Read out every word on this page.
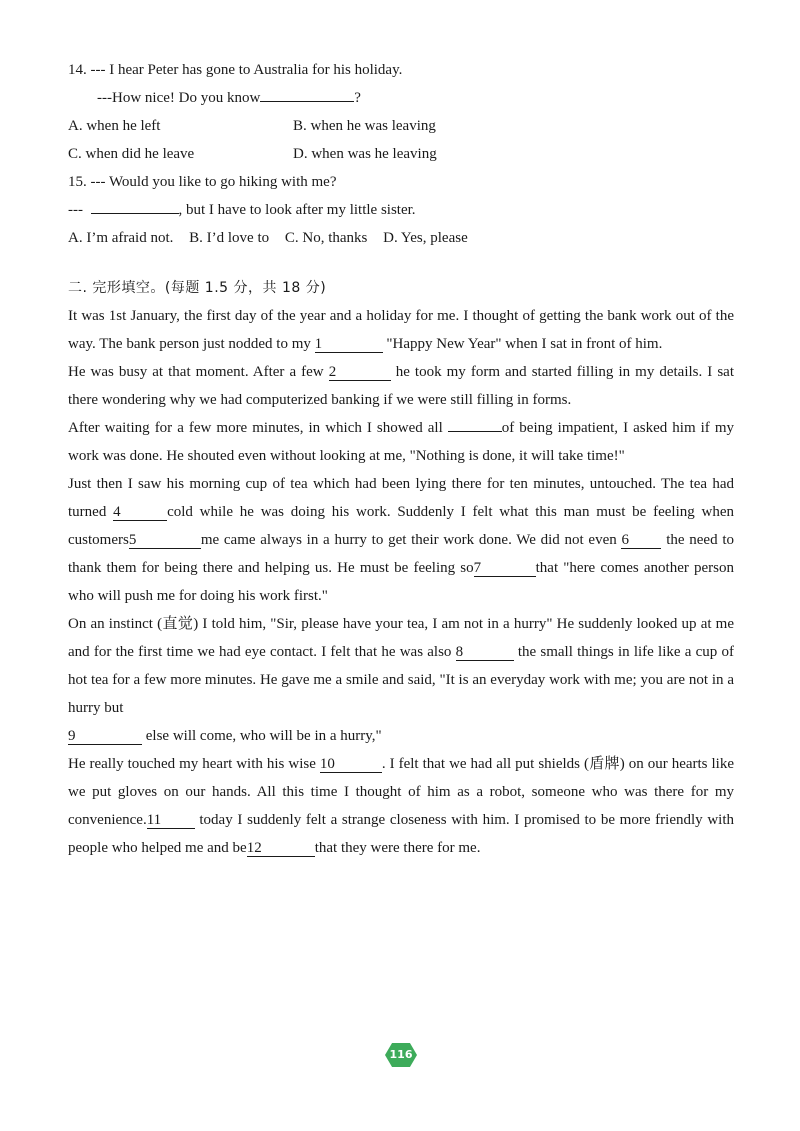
14. --- I hear Peter has gone to Australia for his holiday.
---How nice! Do you know	?
A. when he left	B. when he was leaving
C. when did he leave	D. when was he leaving
15. --- Would you like to go hiking with me?
---	, but I have to look after my little sister.
A. I’m afraid not. B. I’d love to C. No, thanks D. Yes, please
二. 完形填空。(每题 1.5 分，共 18 分)
It was 1st January, the first day of the year and a holiday for me. I thought of getting the bank work out of the way. The bank person just nodded to my 1	"Happy New Year" when I sat in front of him.
He was busy at that moment. After a few 2	he took my form and started filling in my details. I sat there wondering why we had computerized banking if we were still filling in forms.
After waiting for a few more minutes, in which I showed all	of being impatient, I asked him if my work was done. He shouted even without looking at me, "Nothing is done, it will take time!"
Just then I saw his morning cup of tea which had been lying there for ten minutes, untouched. The tea had turned 4	cold while he was doing his work. Suddenly I felt what this man must be feeling when customers5	me came always in a hurry to get their work done. We did not even 6 the need to thank them for being there and helping us. He must be feeling so7	that "here comes another person who will push me for doing his work first."
On an instinct (直觉) I told him, "Sir, please have your tea, I am not in a hurry" He suddenly looked up at me and for the first time we had eye contact. I felt that he was also 8	the small things in life like a cup of hot tea for a few more minutes. He gave me a smile and said, "It is an everyday work with me; you are not in a hurry but
9	else will come, who will be in a hurry,"
He really touched my heart with his wise 10	. I felt that we had all put shields (盾牌) on our hearts like we put gloves on our hands. All this time I thought of him as a robot, someone who was there for my convenience.11 today I suddenly felt a strange closeness with him. I promised to be more friendly with people who helped me and be12	that they were there for me.
116
